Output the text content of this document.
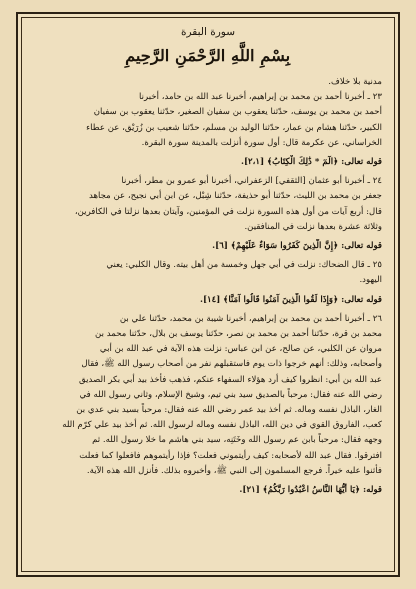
سورة البقرة
بِسْمِ اللَّهِ الرَّحْمَنِ الرَّحِيمِ
مدنية بلا خلاف.
٢٣ ـ أخبرنا أحمد بن محمد بن إبراهيم، أخبرنا عبد الله بن حامد، أخبرنا
أحمد بن محمد بن يوسف، حدّثنا يعقوب بن سفيان الصغير، حدّثنا يعقوب بن سفيان
الكبير، حدّثنا هشام بن عمار، حدّثنا الوليد بن مسلم، حدّثنا شعيب بن زُرَيْق، عن عطاء
الخراساني، عن عكرمة قال: أول سورة أنزلت بالمدينة سورة البقرة.
قوله تعالى: ﴿الٓمٓ * ذَٰلِكَ الْكِتَابُ﴾ [٢،١].
٢٤ ـ أخبرنا أبو عثمان [الثقفي] الزعفراني، أخبرنا أبو عمرو بن مطر، أخبرنا
جعفر بن محمد بن الليث، حدّثنا أبو حذيفة، حدّثنا شِبْل، عن ابن أبي نجيح، عن مجاهد
قال: أربع آيات من أول هذه السورة نزلت في المؤمنين، وآيتان بعدها نزلتا في الكافرين،
وثلاثة عشرة بعدها نزلت في المنافقين.
قوله تعالى: ﴿إِنَّ الَّذِينَ كَفَرُوا سَوَاءٌ عَلَيْهِمْ﴾ [٦].
٢٥ ـ قال الضحاك: نزلت في أبي جهل وخمسة من أهل بيته. وقال الكلبي: يعني
اليهود.
قوله تعالى: ﴿وَإِذَا لَقُوا الَّذِينَ آمَنُوا قَالُوا آمَنَّا﴾ [١٤].
٢٦ ـ أخبرنا أحمد بن محمد بن إبراهيم، أخبرنا شيبة بن محمد، حدّثنا علي بن
محمد بن قرة، حدّثنا أحمد بن محمد بن نصر، حدّثنا يوسف بن بلال، حدّثنا محمد بن
مروان عن الكلبي، عن صالح، عن ابن عباس: نزلت هذه الآية في عبد الله بن أُبي
وأصحابه، وذلك: أنهم خرجوا ذات يوم فاستقبلهم نفر من أصحاب رسول الله ﷺ، فقال
عبد الله بن أُبي: انظروا كيف أرد هؤلاء السفهاء عنكم، فذهب فأخذ بيد أبي بكر الصديق
رضي الله عنه فقال: مرحباً بالصديق سيد بني تيم، وشيخ الإسلام، وثاني رسول الله في
الغار، الباذل نفسه وماله. ثم أخذ بيد عمر رضي الله عنه فقال: مرحباً بسيد بني عدي بن
كعب، الفاروق القوي في دين الله، الباذل نفسه وماله لرسول الله. ثم أخذ بيد علي كرّم الله
وجهه فقال: مرحباً بابن عم رسول الله وخَتَنِه، سيد بني هاشم ما خلا رسول الله. ثم
افترقوا. فقال عبد الله لأصحابه: كيف رأيتموني فعلت؟ فإذا رأيتموهم فافعلوا كما فعلت
فأثنوا عليه خيراً. فرجع المسلمون إلى النبي ﷺ، وأخبروه بذلك. فأنزل الله هذه الآية.
قوله: ﴿يَا أَيُّهَا النَّاسُ اعْبُدُوا رَبَّكُمُ﴾ [٢١].
